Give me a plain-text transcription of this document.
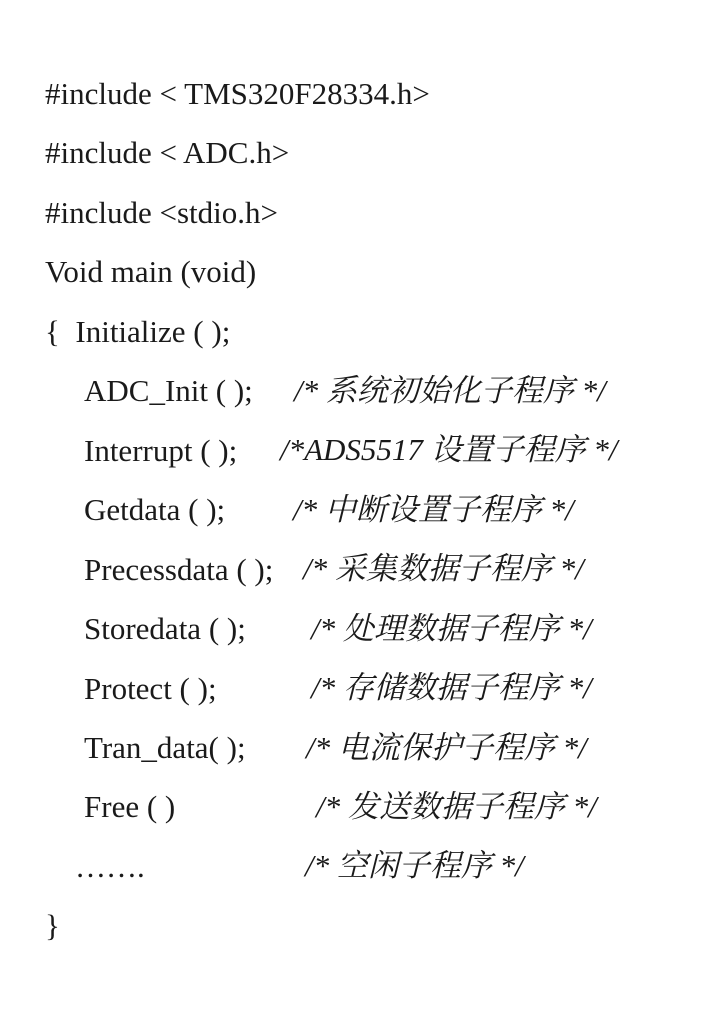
#include < TMS320F28334.h>

#include < ADC.h>

#include <stdio.h>

Void main (void)

{  Initialize ( );

/* 系统初始化子程序 */

ADC_Init ( );

/*ADS5517 设置子程序 */

Interrupt ( );

/* 中断设置子程序 */

Getdata ( );

/* 采集数据子程序 */

Precessdata ( );

/* 处理数据子程序 */

Storedata ( );

/* 存储数据子程序 */

Protect ( );

/* 电流保护子程序 */

Tran_data( );

/* 发送数据子程序 */

Free ( )

/* 空闲子程序 */

…….

}
